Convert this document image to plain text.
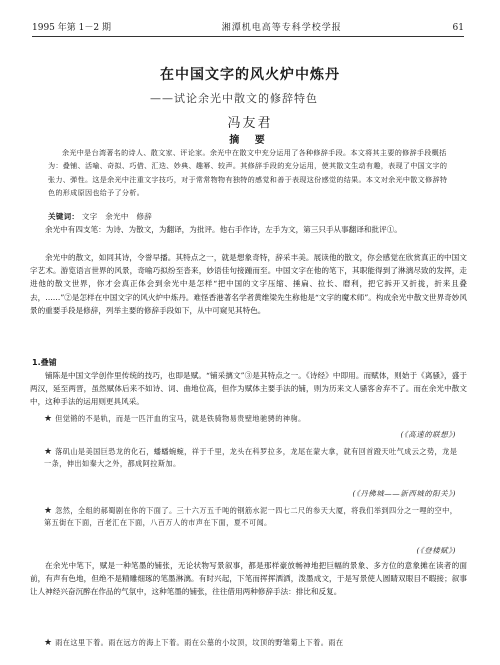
1995 年第 1－2 期	湘潭机电高等专科学校学报	61
在中国文字的风火炉中炼丹
——试论余光中散文的修辞特色
冯友君
摘 要
余光中是台湾著名的诗人、散文家、评论家。余光中在散文中充分运用了各种修辞手段。本文将其主要的修辞手段概括为：叠铺、活喻、奇拟、巧借、汇迭、妙典、趣幂、较声。其修辞手段的充分运用，使其散文生动有趣，表现了中国文字的张力、弹性。这是余光中注重文字技巧，对于常常物物有独特的感觉和善于表现这份感觉的结果。本文对余光中散文修辞特色的形成原因也给予了分析。
关键词： 文字　余光中　修辞
余光中有四支笔：为诗、为散文，为翻译，为批评。他右手作诗，左手为文，第三只手从事翻译和批评①。
余光中的散文，如同其诗，令誉早播。其特点之一，就是想象奇特，辞采丰美。展读他的散文，你会感觉在欣赏真正的中国文字艺术。游览语言世界的风景，奇喻巧拟纷至沓来，妙语佳句接踵而至。中国文字在他的笔下，其职能得到了淋漓尽致的发挥，走进他的散文世界，你才会真正体会到余光中是怎样“把中国的文字压缩、捶扁、拉长、磨利，把它拆开又折拢，折来且叠去，……”②是怎样在中国文字的风火炉中炼丹。难怪香港著名学者黄维梁先生称他是“文字的魔术师”。构成余光中散文世界奇妙风景的重要手段是修辞，列举主要的修辞手段如下，从中可窥见其特色。
1.叠铺
铺陈是中国文学创作里传统的技巧，也即是赋。“铺采摛文”③是其特点之一。《诗经》中即用。而赋体，则始于《离骚》，盛于两汉，延至两晋，虽然赋体后来不如诗、词、曲地位高，但作为赋体主要手法的铺，则为历来文人骚客舍弃不了。而在余光中散文中，这种手法的运用则更具风采。
★ 但觉锵的不是轨，而是一匹汗血的宝马，就是铁骑物易贵壁地驰骋的神驹。
(《高速的联想》)
★ 落矶山是美国巨恐龙的化石，蟠蟠蜿蜿，祥于千里，龙头在科罗拉多，龙尾在蒙大拿，就有回首蹬天吐气成云之势，龙是一条，伸出如秦大之外，都成阿拉斯加。
(《丹佛城——新西城的阳关》)
★ 忽然，全组的郝蜀剧在你的下面了。三十六万五千吨的钢筋水泥一四七二尺的参天大厦，将我们举到四分之一哩的空中，第五街在下面，百老汇在下面，八百万人的市声在下面，夏不可闻。
(《登楼赋》)
在余光中笔下，赋是一种笔墨的铺张，无论状物写景叙事，都是那样豪放畅神地把巨幅的景象、多方位的意象摊在读者的面前，有声有色地，但绝不是精雕细琢的笔墨淋漓。有时兴起，下笔而挥挥洒洒，泼墨成文，于是写景使人圆睛双眼目不暇接；叙事让人神经兴奋沉醉在作品的气氛中，这种笔墨的铺张，往往借用两种修辞手法：排比和反复。
★ 雨在这里下着。雨在远方的海上下着。雨在公墓的小坟顶，坟顶的野雏菊上下着。雨在
